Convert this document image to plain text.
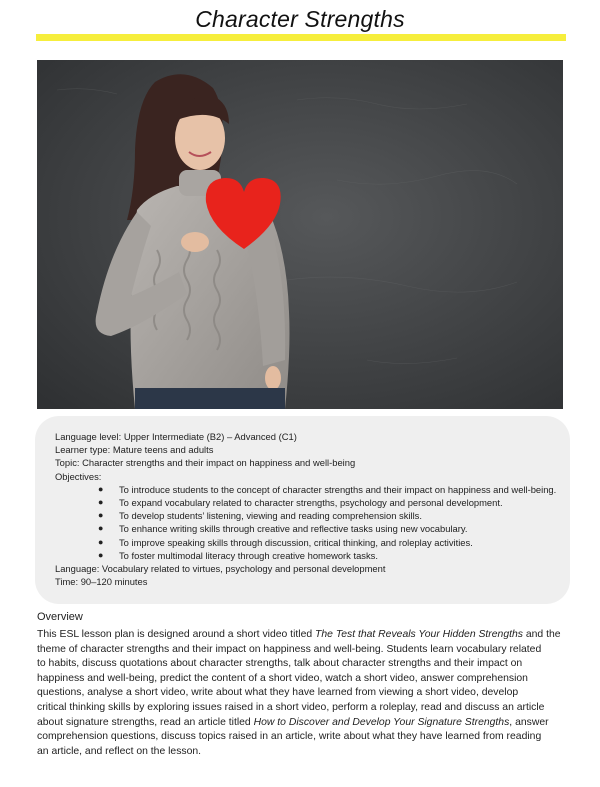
Character Strengths
Language level: Upper Intermediate (B2) – Advanced (C1)
Learner type: Mature teens and adults
Topic: Character strengths and their impact on happiness and well-being
Objectives:
● To introduce students to the concept of character strengths and their impact on happiness and well-being.
● To expand vocabulary related to character strengths, psychology and personal development.
● To develop students’ listening, viewing and reading comprehension skills.
● To enhance writing skills through creative and reflective tasks using new vocabulary.
● To improve speaking skills through discussion, critical thinking, and roleplay activities.
● To foster multimodal literacy through creative homework tasks.
Language: Vocabulary related to virtues, psychology and personal development
Time: 90–120 minutes
Overview
This ESL lesson plan is designed around a short video titled The Test that Reveals Your Hidden Strengths and the
theme of character strengths and their impact on happiness and well-being. Students learn vocabulary related
to habits, discuss quotations about character strengths, talk about character strengths and their impact on
happiness and well-being, predict the content of a short video, watch a short video, answer comprehension
questions, analyse a short video, write about what they have learned from viewing a short video, develop
critical thinking skills by exploring issues raised in a short video, perform a roleplay, read and discuss an article
about signature strengths, read an article titled How to Discover and Develop Your Signature Strengths, answer
comprehension questions, discuss topics raised in an article, write about what they have learned from reading
an article, and reflect on the lesson.
